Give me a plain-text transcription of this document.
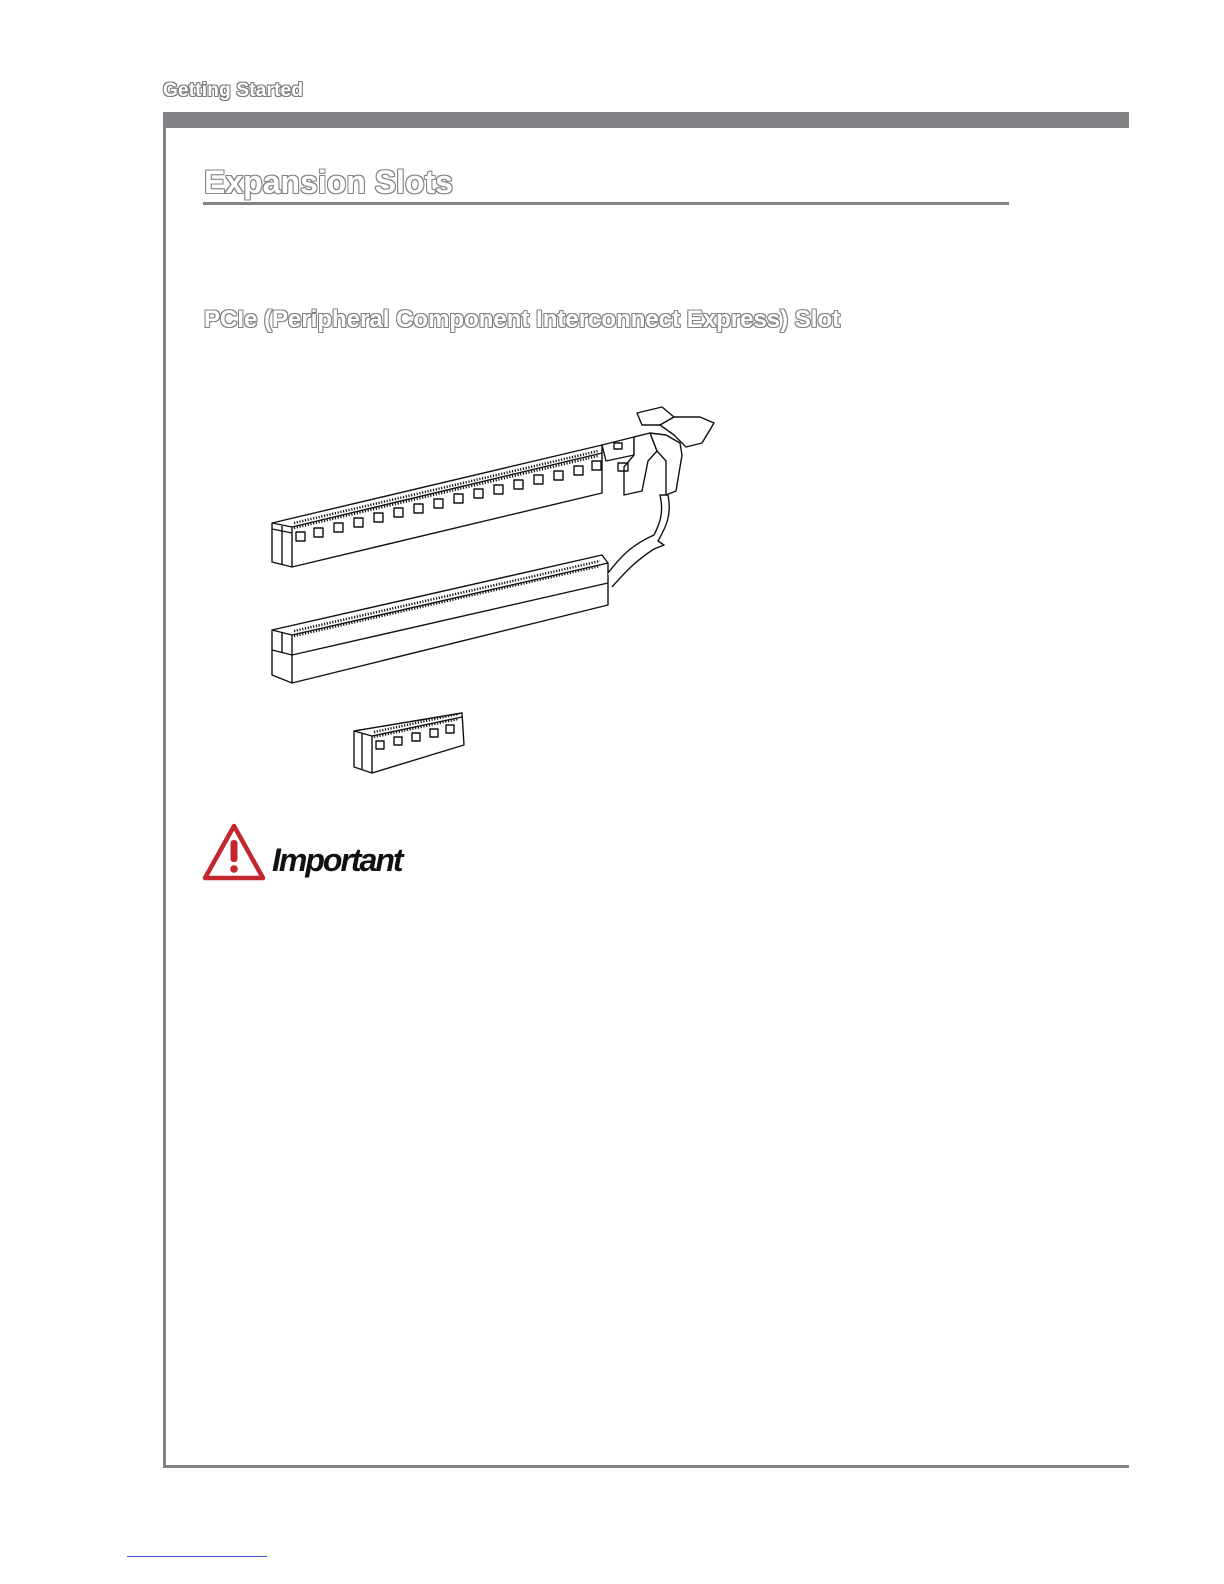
Getting Started
Expansion Slots
PCIe (Peripheral Component Interconnect Express) Slot
Important
